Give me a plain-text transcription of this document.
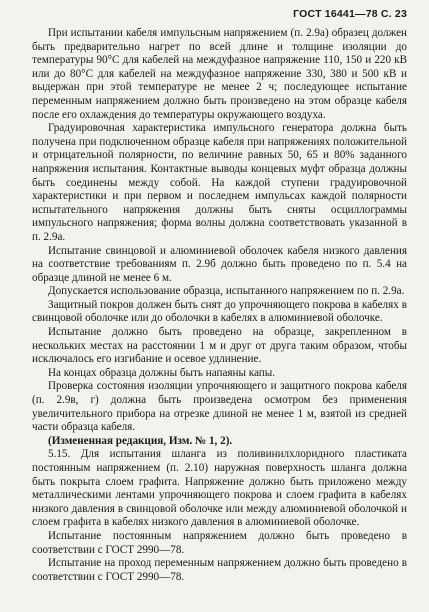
ГОСТ 16441—78 С. 23

При испытании кабеля импульсным напряжением (п. 2.9а) образец должен быть предварительно нагрет по всей длине и толщине изоляции до температуры 90°С для кабелей на междуфазное напряжение 110, 150 и 220 кВ или до 80°С для кабелей на междуфазное напряжение 330, 380 и 500 кВ и выдержан при этой температуре не менее 2 ч; последующее испытание переменным напряжением должно быть произведено на этом образце кабеля после его охлаждения до температуры окружающего воздуха.

Градуировочная характеристика импульсного генератора должна быть получена при подключенном образце кабеля при напряжениях положительной и отрицательной полярности, по величине равных 50, 65 и 80% заданного напряжения испытания. Контактные выводы концевых муфт образца должны быть соединены между собой. На каждой ступени градуировочной характеристики и при первом и последнем импульсах каждой полярности испытательного напряжения должны быть сняты осциллограммы импульсного напряжения; форма волны должна соответствовать указанной в п. 2.9а.

Испытание свинцовой и алюминиевой оболочек кабеля низкого давления на соответствие требованиям п. 2.9б должно быть проведено по п. 5.4 на образце длиной не менее 6 м.

Допускается использование образца, испытанного напряжением по п. 2.9а.

Защитный покров должен быть снят до упрочняющего покрова в кабелях в свинцовой оболочке или до оболочки в кабелях в алюминиевой оболочке.

Испытание должно быть проведено на образце, закрепленном в нескольких местах на расстоянии 1 м и друг от друга таким образом, чтобы исключалось его изгибание и осевое удлинение.

На концах образца должны быть напаяны капы.

Проверка состояния изоляции упрочняющего и защитного покрова кабеля (п. 2.9в, г) должна быть произведена осмотром без применения увеличительного прибора на отрезке длиной не менее 1 м, взятой из средней части образца кабеля.

(Измененная редакция, Изм. № 1, 2).

5.15. Для испытания шланга из поливинилхлоридного пластиката постоянным напряжением (п. 2.10) наружная поверхность шланга должна быть покрыта слоем графита. Напряжение должно быть приложено между металлическими лентами упрочняющего покрова и слоем графита в кабелях низкого давления в свинцовой оболочке или между алюминиевой оболочкой и слоем графита в кабелях низкого давления в алюминиевой оболочке.

Испытание постоянным напряжением должно быть проведено в соответствии с ГОСТ 2990—78.

Испытание на проход переменным напряжением должно быть проведено в соответствии с ГОСТ 2990—78.
